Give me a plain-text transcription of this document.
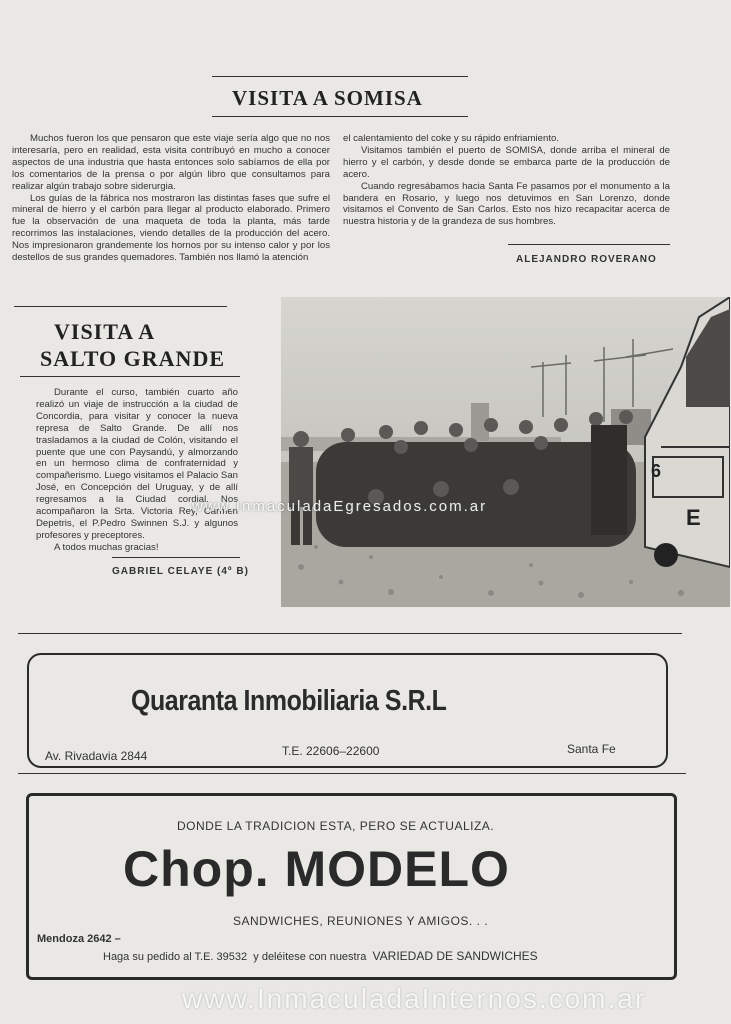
VISITA A SOMISA

Muchos fueron los que pensaron que este viaje sería algo que no nos interesaría, pero en realidad, esta visita contribuyó en mucho a conocer aspectos de una industria que hasta entonces solo sabíamos de ella por los comentarios de la prensa o por algún libro que consultamos para realizar algún trabajo sobre siderurgia.

Los guías de la fábrica nos mostraron las distintas fases que sufre el mineral de hierro y el carbón para llegar al producto elaborado. Primero fue la observación de una maqueta de toda la planta, más tarde recorrimos las instalaciones, viendo detalles de la producción del acero. Nos impresionaron grandemente los hornos por su intenso calor y por los destellos de sus grandes quemadores. También nos llamó la atención

el calentamiento del coke y su rápido enfriamiento.

Visitamos también el puerto de SOMISA, donde arriba el mineral de hierro y el carbón, y desde donde se embarca parte de la producción de acero.

Cuando regresábamos hacia Santa Fe pasamos por el monumento a la bandera en Rosario, y luego nos detuvimos en San Lorenzo, donde visitamos el Convento de San Carlos. Esto nos hizo recapacitar acerca de nuestra historia y de la grandeza de sus hombres.

ALEJANDRO ROVERANO
VISITA A
SALTO GRANDE

Durante el curso, también cuarto año realizó un viaje de instrucción a la ciudad de Concordia, para visitar y conocer la nueva represa de Salto Grande. De allí nos trasladamos a la ciudad de Colón, visitando el puente que une con Paysandú, y almorzando en un hermoso clima de confraternidad y compañerismo. Luego visitamos el Palacio San José, en Concepción del Uruguay, y de allí regresamos a la Ciudad cordial. Nos acompañaron la Srta. Victoria Rey, Carmen Depetris, el P.Pedro Swinnen S.J. y algunos profesores y preceptores.

A todos muchas gracias!

GABRIEL CELAYE (4º B)
6
E
www.InmaculadaEgresados.com.ar
Quaranta Inmobiliaria S.R.L
Av. Rivadavia 2844	T.E. 22606–22600	Santa Fe
DONDE LA TRADICION ESTA, PERO SE ACTUALIZA.
Chop. MODELO
SANDWICHES, REUNIONES Y AMIGOS. . .
Mendoza 2642 –
Haga su pedido al T.E. 39532 y deléitese con nuestra VARIEDAD DE SANDWICHES
www.InmaculadaInternos.com.ar
